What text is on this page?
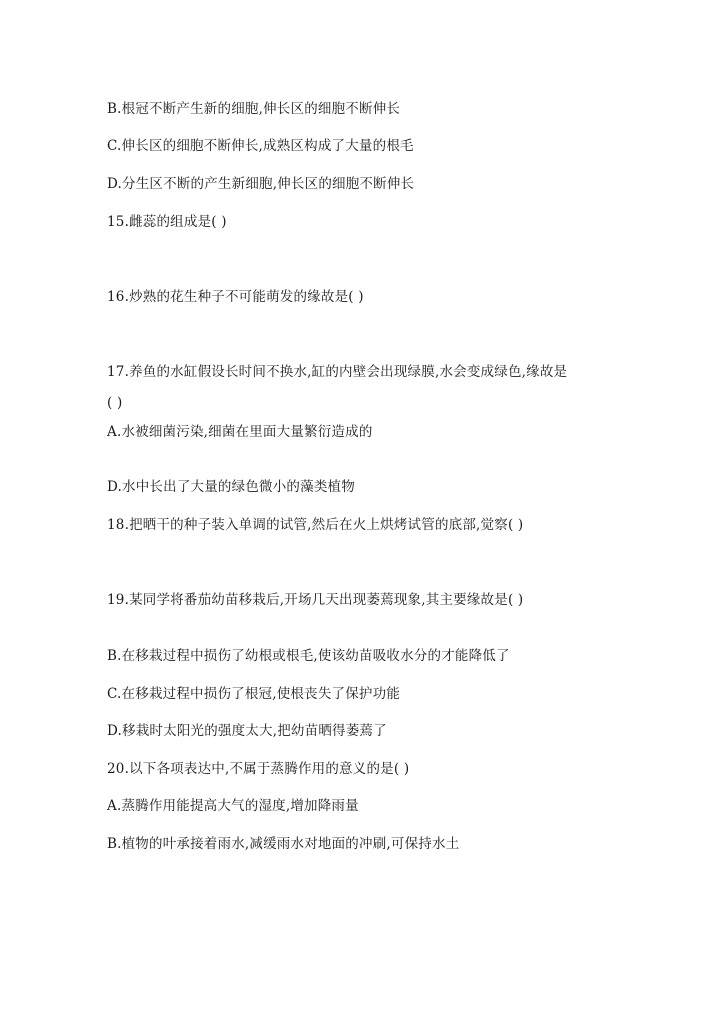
B.根冠不断产生新的细胞,伸长区的细胞不断伸长
C.伸长区的细胞不断伸长,成熟区构成了大量的根毛
D.分生区不断的产生新细胞,伸长区的细胞不断伸长
15.雌蕊的组成是( )
16.炒熟的花生种子不可能萌发的缘故是( )
17.养鱼的水缸假设长时间不换水,缸的内壁会出现绿膜,水会变成绿色,缘故是
( )
A.水被细菌污染,细菌在里面大量繁衍造成的
D.水中长出了大量的绿色微小的藻类植物
18.把晒干的种子装入单调的试管,然后在火上烘烤试管的底部,觉察( )
19.某同学将番茄幼苗移栽后,开场几天出现萎蔫现象,其主要缘故是( )
B.在移栽过程中损伤了幼根或根毛,使该幼苗吸收水分的才能降低了
C.在移栽过程中损伤了根冠,使根丧失了保护功能
D.移栽时太阳光的强度太大,把幼苗晒得萎蔫了
20.以下各项表达中,不属于蒸腾作用的意义的是( )
A.蒸腾作用能提高大气的湿度,增加降雨量
B.植物的叶承接着雨水,减缓雨水对地面的冲刷,可保持水土
